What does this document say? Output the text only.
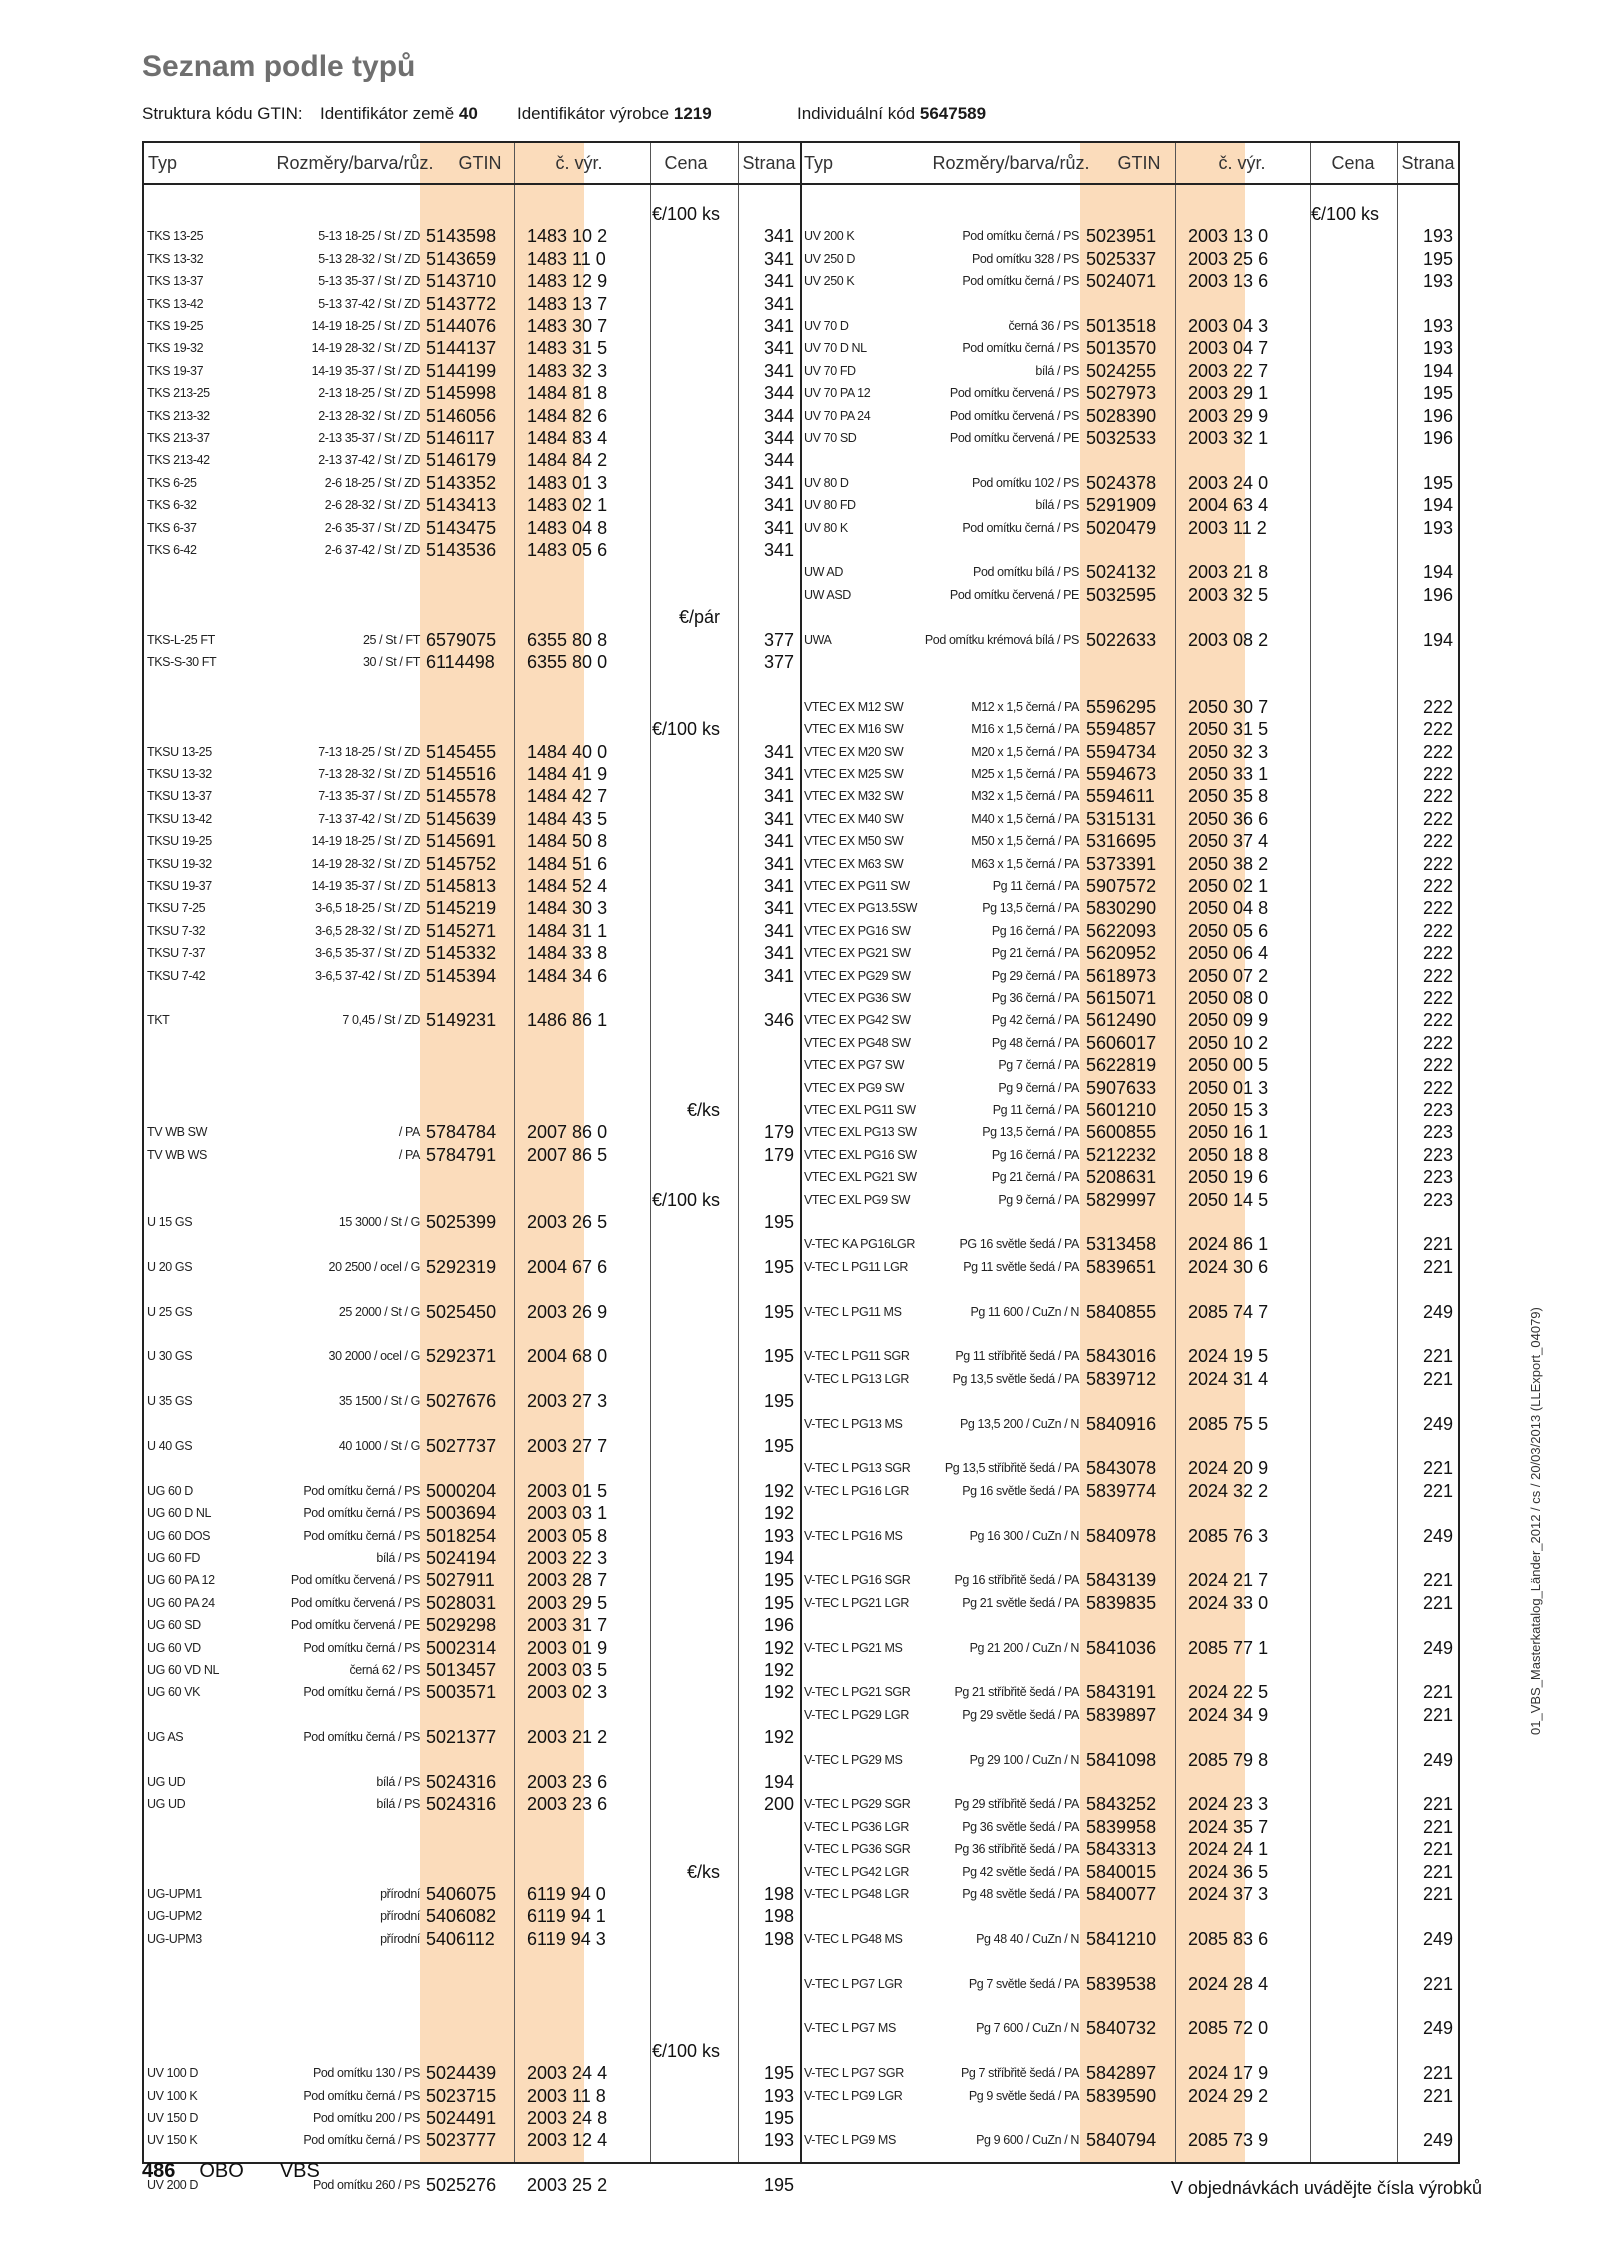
Seznam podle typů
Struktura kódu GTIN: Identifikátor země 40 Identifikátor výrobce 1219	Individuální kód 5647589
Typ	Rozměry/barva/růz. GTIN	č. výr.	Cena Strana Typ	Rozměry/barva/růz. GTIN	č. výr.	Cena Strana
TKS 13-25	5-13 18-25 / St / ZD 5143598 1483 10 2	341
TKS 13-32	5-13 28-32 / St / ZD 5143659 1483 11 0	341
TKS 13-37	5-13 35-37 / St / ZD 5143710 1483 12 9	341
TKS 13-42	5-13 37-42 / St / ZD 5143772 1483 13 7	341
TKS 19-25	14-19 18-25 / St / ZD 5144076 1483 30 7	341
TKS 19-32	14-19 28-32 / St / ZD 5144137 1483 31 5	341
TKS 19-37	14-19 35-37 / St / ZD 5144199 1483 32 3	341
TKS 213-25	2-13 18-25 / St / ZD 5145998 1484 81 8	344
TKS 213-32	2-13 28-32 / St / ZD 5146056 1484 82 6	344
TKS 213-37	2-13 35-37 / St / ZD 5146117 1484 83 4	344
TKS 213-42	2-13 37-42 / St / ZD 5146179 1484 84 2	344
TKS 6-25	2-6 18-25 / St / ZD 5143352 1483 01 3	341
TKS 6-32	2-6 28-32 / St / ZD 5143413 1483 02 1	341
TKS 6-37	2-6 35-37 / St / ZD 5143475 1483 04 8	341
TKS 6-42	2-6 37-42 / St / ZD 5143536 1483 05 6	341
TKS-L-25 FT	25 / St / FT 6579075 6355 80 8	377
TKS-S-30 FT	30 / St / FT 6114498 6355 80 0	377
TKSU 13-25	7-13 18-25 / St / ZD 5145455 1484 40 0	341
TKSU 13-32	7-13 28-32 / St / ZD 5145516 1484 41 9	341
TKSU 13-37	7-13 35-37 / St / ZD 5145578 1484 42 7	341
TKSU 13-42	7-13 37-42 / St / ZD 5145639 1484 43 5	341
TKSU 19-25	14-19 18-25 / St / ZD 5145691 1484 50 8	341
TKSU 19-32	14-19 28-32 / St / ZD 5145752 1484 51 6	341
TKSU 19-37	14-19 35-37 / St / ZD 5145813 1484 52 4	341
TKSU 7-25	3-6,5 18-25 / St / ZD 5145219 1484 30 3	341
TKSU 7-32	3-6,5 28-32 / St / ZD 5145271 1484 31 1	341
TKSU 7-37	3-6,5 35-37 / St / ZD 5145332 1484 33 8	341
TKSU 7-42	3-6,5 37-42 / St / ZD 5145394 1484 34 6	341
TKT	7 0,45 / St / ZD 5149231 1486 86 1	346
TV WB SW	/ PA 5784784 2007 86 0	179
TV WB WS	/ PA 5784791 2007 86 5	179
U 15 GS	15 3000 / St / G 5025399 2003 26 5	195
U 20 GS	20 2500 / ocel / G 5292319 2004 67 6	195
U 25 GS	25 2000 / St / G 5025450 2003 26 9	195
U 30 GS	30 2000 / ocel / G 5292371 2004 68 0	195
U 35 GS	35 1500 / St / G 5027676 2003 27 3	195
U 40 GS	40 1000 / St / G 5027737 2003 27 7	195
UG 60 D	Pod omítku černá / PS 5000204 2003 01 5	192
UG 60 D NL	Pod omítku černá / PS 5003694 2003 03 1	192
UG 60 DOS	Pod omítku černá / PS 5018254 2003 05 8	193
UG 60 FD	bílá / PS 5024194 2003 22 3	194
UG 60 PA 12	Pod omítku červená / PS 5027911 2003 28 7	195
UG 60 PA 24	Pod omítku červená / PS 5028031 2003 29 5	195
UG 60 SD	Pod omítku červená / PE 5029298 2003 31 7	196
UG 60 VD	Pod omítku černá / PS 5002314 2003 01 9	192
UG 60 VD NL	černá 62 / PS 5013457 2003 03 5	192
UG 60 VK	Pod omítku černá / PS 5003571 2003 02 3	192
UG AS	Pod omítku černá / PS 5021377 2003 21 2	192
UG UD	bílá / PS 5024316 2003 23 6	194
UG UD	bílá / PS 5024316 2003 23 6	200
UG-UPM1	přírodní 5406075 6119 94 0	198
UG-UPM2	přírodní 5406082 6119 94 1	198
UG-UPM3	přírodní 5406112 6119 94 3	198
UV 100 D	Pod omítku 130 / PS 5024439 2003 24 4	195
UV 100 K	Pod omítku černá / PS 5023715 2003 11 8	193
UV 150 D	Pod omítku 200 / PS 5024491 2003 24 8	195
UV 150 K	Pod omítku černá / PS 5023777 2003 12 4	193
UV 200 D	Pod omítku 260 / PS 5025276 2003 25 2	195
UV 200 K	Pod omítku černá / PS 5023951 2003 13 0	193
UV 250 D	Pod omítku 328 / PS 5025337 2003 25 6	195
UV 250 K	Pod omítku černá / PS 5024071 2003 13 6	193
UV 70 D	černá 36 / PS 5013518 2003 04 3	193
UV 70 D NL	Pod omítku černá / PS 5013570 2003 04 7	193
UV 70 FD	bílá / PS 5024255 2003 22 7	194
UV 70 PA 12	Pod omítku červená / PS 5027973 2003 29 1	195
UV 70 PA 24	Pod omítku červená / PS 5028390 2003 29 9	196
UV 70 SD	Pod omítku červená / PE 5032533 2003 32 1	196
UV 80 D	Pod omítku 102 / PS 5024378 2003 24 0	195
UV 80 FD	bílá / PS 5291909 2004 63 4	194
UV 80 K	Pod omítku černá / PS 5020479 2003 11 2	193
UW AD	Pod omítku bílá / PS 5024132 2003 21 8	194
UW ASD	Pod omítku červená / PE 5032595 2003 32 5	196
UWA	Pod omítku krémová bílá / PS 5022633 2003 08 2	194
VTEC EX M12 SW	M12 x 1,5 černá / PA 5596295 2050 30 7	222
VTEC EX M16 SW	M16 x 1,5 černá / PA 5594857 2050 31 5	222
VTEC EX M20 SW	M20 x 1,5 černá / PA 5594734 2050 32 3	222
VTEC EX M25 SW	M25 x 1,5 černá / PA 5594673 2050 33 1	222
VTEC EX M32 SW	M32 x 1,5 černá / PA 5594611 2050 35 8	222
VTEC EX M40 SW	M40 x 1,5 černá / PA 5315131 2050 36 6	222
VTEC EX M50 SW	M50 x 1,5 černá / PA 5316695 2050 37 4	222
VTEC EX M63 SW	M63 x 1,5 černá / PA 5373391 2050 38 2	222
VTEC EX PG11 SW	Pg 11 černá / PA 5907572 2050 02 1	222
VTEC EX PG13.5SW	Pg 13,5 černá / PA 5830290 2050 04 8	222
VTEC EX PG16 SW	Pg 16 černá / PA 5622093 2050 05 6	222
VTEC EX PG21 SW	Pg 21 černá / PA 5620952 2050 06 4	222
VTEC EX PG29 SW	Pg 29 černá / PA 5618973 2050 07 2	222
VTEC EX PG36 SW	Pg 36 černá / PA 5615071 2050 08 0	222
VTEC EX PG42 SW	Pg 42 černá / PA 5612490 2050 09 9	222
VTEC EX PG48 SW	Pg 48 černá / PA 5606017 2050 10 2	222
VTEC EX PG7 SW	Pg 7 černá / PA 5622819 2050 00 5	222
VTEC EX PG9 SW	Pg 9 černá / PA 5907633 2050 01 3	222
VTEC EXL PG11 SW	Pg 11 černá / PA 5601210 2050 15 3	223
VTEC EXL PG13 SW	Pg 13,5 černá / PA 5600855 2050 16 1	223
VTEC EXL PG16 SW	Pg 16 černá / PA 5212232 2050 18 8	223
VTEC EXL PG21 SW	Pg 21 černá / PA 5208631 2050 19 6	223
VTEC EXL PG9 SW	Pg 9 černá / PA 5829997 2050 14 5	223
V-TEC KA PG16LGR	PG 16 světle šedá / PA 5313458 2024 86 1	221
V-TEC L PG11 LGR	Pg 11 světle šedá / PA 5839651 2024 30 6	221
V-TEC L PG11 MS	Pg 11 600 / CuZn / N 5840855 2085 74 7	249
V-TEC L PG11 SGR	Pg 11 stříbřitě šedá / PA 5843016 2024 19 5	221
V-TEC L PG13 LGR	Pg 13,5 světle šedá / PA 5839712 2024 31 4	221
V-TEC L PG13 MS	Pg 13,5 200 / CuZn / N 5840916 2085 75 5	249
V-TEC L PG13 SGR	Pg 13,5 stříbřitě šedá / PA 5843078 2024 20 9	221
V-TEC L PG16 LGR	Pg 16 světle šedá / PA 5839774 2024 32 2	221
V-TEC L PG16 MS	Pg 16 300 / CuZn / N 5840978 2085 76 3	249
V-TEC L PG16 SGR	Pg 16 stříbřitě šedá / PA 5843139 2024 21 7	221
V-TEC L PG21 LGR	Pg 21 světle šedá / PA 5839835 2024 33 0	221
V-TEC L PG21 MS	Pg 21 200 / CuZn / N 5841036 2085 77 1	249
V-TEC L PG21 SGR	Pg 21 stříbřitě šedá / PA 5843191 2024 22 5	221
V-TEC L PG29 LGR	Pg 29 světle šedá / PA 5839897 2024 34 9	221
V-TEC L PG29 MS	Pg 29 100 / CuZn / N 5841098 2085 79 8	249
V-TEC L PG29 SGR	Pg 29 stříbřitě šedá / PA 5843252 2024 23 3	221
V-TEC L PG36 LGR	Pg 36 světle šedá / PA 5839958 2024 35 7	221
V-TEC L PG36 SGR	Pg 36 stříbřitě šedá / PA 5843313 2024 24 1	221
V-TEC L PG42 LGR	Pg 42 světle šedá / PA 5840015 2024 36 5	221
V-TEC L PG48 LGR	Pg 48 světle šedá / PA 5840077 2024 37 3	221
V-TEC L PG48 MS	Pg 48 40 / CuZn / N 5841210 2085 83 6	249
V-TEC L PG7 LGR	Pg 7 světle šedá / PA 5839538 2024 28 4	221
V-TEC L PG7 MS	Pg 7 600 / CuZn / N 5840732 2085 72 0	249
V-TEC L PG7 SGR	Pg 7 stříbřitě šedá / PA 5842897 2024 17 9	221
V-TEC L PG9 LGR	Pg 9 světle šedá / PA 5839590 2024 29 2	221
V-TEC L PG9 MS	Pg 9 600 / CuZn / N 5840794 2085 73 9	249
€/100 ks
€/pár
€/100 ks
€/ks
€/100 ks
€/ks
€/100 ks
€/100 ks
486 OBO VBS
V objednávkách uvádějte čísla výrobků
01_VBS_Masterkatalog_Länder_2012 / cs / 20/03/2013 (LLExport_04079)
